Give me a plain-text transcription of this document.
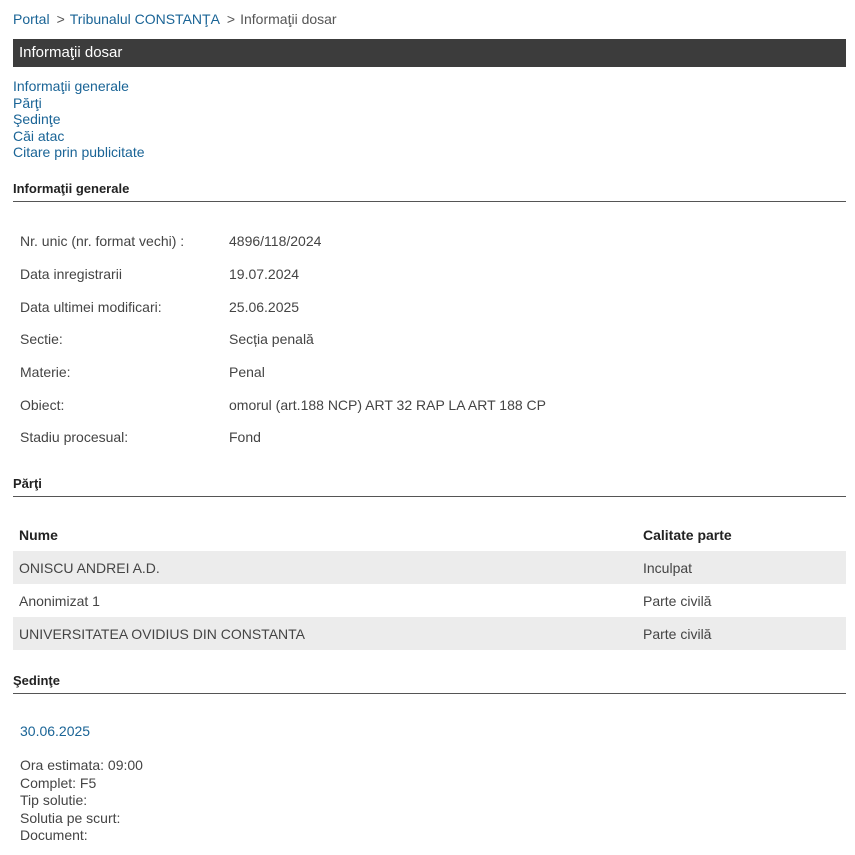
Portal > Tribunalul CONSTANŢA > Informaţii dosar
Informaţii dosar
Informaţii generale
Părţi
Şedinţe
Căi atac
Citare prin publicitate
Informaţii generale
Nr. unic (nr. format vechi) :	4896/118/2024
Data inregistrarii	19.07.2024
Data ultimei modificari:	25.06.2025
Sectie:	Secția penală
Materie:	Penal
Obiect:	omorul (art.188 NCP) ART 32 RAP LA ART 188 CP
Stadiu procesual:	Fond
Părţi
Nume	Calitate parte
ONISCU ANDREI A.D.	Inculpat
Anonimizat 1	Parte civilă
UNIVERSITATEA OVIDIUS DIN CONSTANTA	Parte civilă
Şedinţe
30.06.2025
Ora estimata: 09:00
Complet: F5
Tip solutie:
Solutia pe scurt:
Document:
